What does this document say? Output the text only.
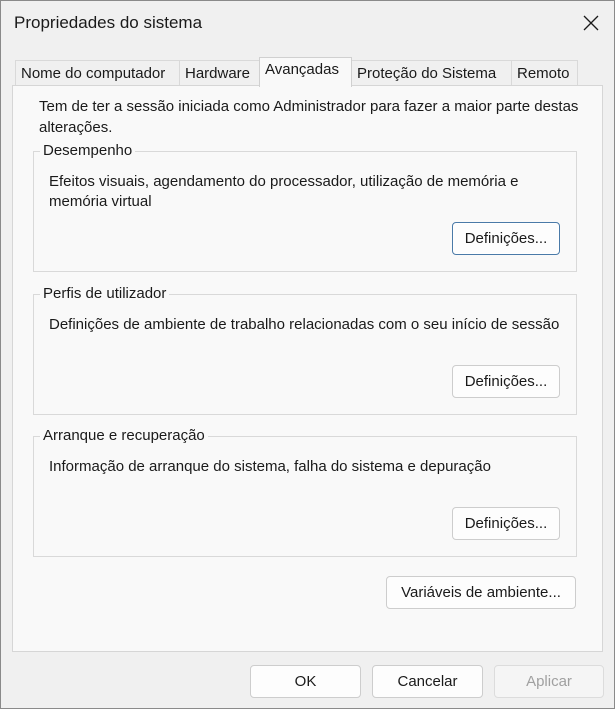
Propriedades do sistema
Nome do computador	Hardware Avançadas	Proteção do Sistema	Remoto
Tem de ter a sessão iniciada como Administrador para fazer a maior parte destas alterações.
Desempenho
Efeitos visuais, agendamento do processador, utilização de memória e memória virtual
Definições...
Perfis de utilizador
Definições de ambiente de trabalho relacionadas com o seu início de sessão
Definições...
Arranque e recuperação
Informação de arranque do sistema, falha do sistema e depuração
Definições...
Variáveis de ambiente...
OK	Cancelar	Aplicar
